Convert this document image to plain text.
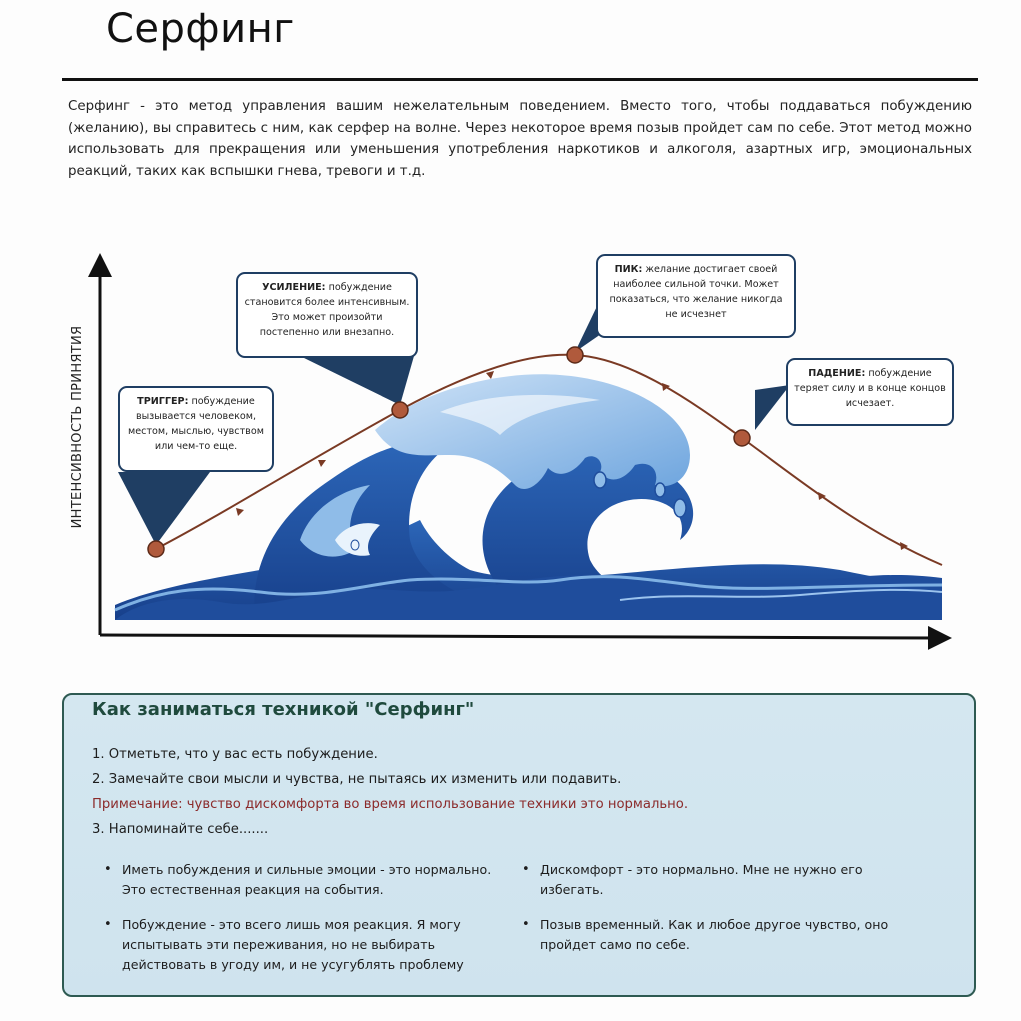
Серфинг

Серфинг - это метод управления вашим нежелательным поведением. Вместо того, чтобы поддаваться побуждению (желанию), вы справитесь с ним, как серфер на волне. Через некоторое время позыв пройдет сам по себе. Этот метод можно использовать для прекращения или уменьшения употребления наркотиков и алкоголя, азартных игр, эмоциональных реакций, таких как вспышки гнева, тревоги и т.д.

ИНТЕНСИВНОСТЬ ПРИНЯТИЯ	ТРИГГЕР: побуждение вызывается человеком, местом, мыслью, чувством или чем-то еще.
УСИЛЕНИЕ: побуждение становится более интенсивным. Это может произойти постепенно или внезапно.
ПИК: желание достигает своей наиболее сильной точки. Может показаться, что желание никогда не исчезнет
ПАДЕНИЕ: побуждение теряет силу и в конце концов исчезает.
Как заниматься техникой "Серфинг"

1. Отметьте, что у вас есть побуждение.

2. Замечайте свои мысли и чувства, не пытаясь их изменить или подавить.

Примечание: чувство дискомфорта во время использование техники это нормально.

3. Напоминайте себе.......

• Иметь побуждения и сильные эмоции - это нормально. Это естественная реакция на события.
• Побуждение - это всего лишь моя реакция. Я могу испытывать эти переживания, но не выбирать действовать в угоду им, и не усугублять проблему
• Дискомфорт - это нормально. Мне не нужно его избегать.
• Позыв временный. Как и любое другое чувство, оно пройдет само по себе.
